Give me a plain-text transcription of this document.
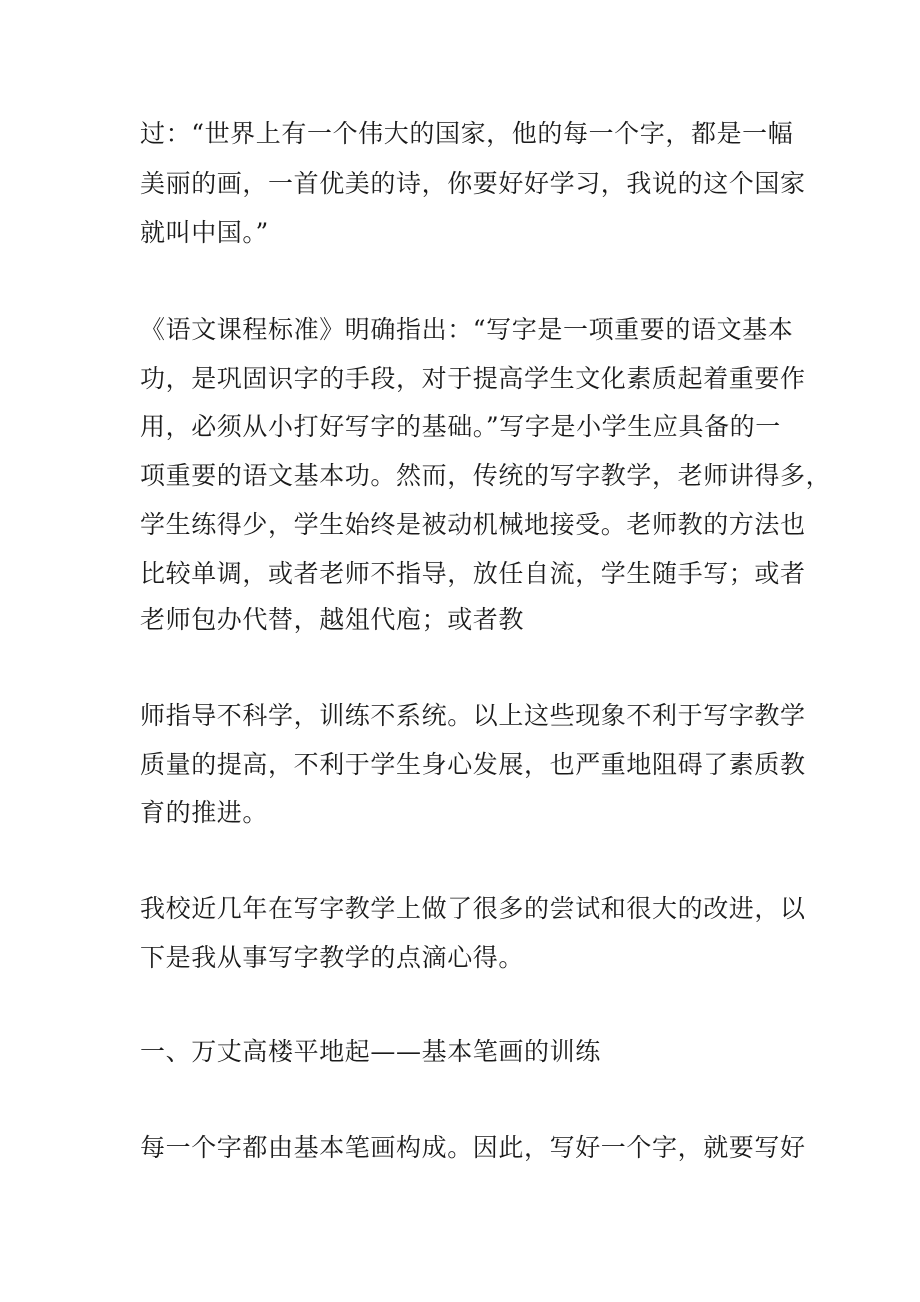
过：“世界上有一个伟大的国家，他的每一个字，都是一幅
美丽的画，一首优美的诗，你要好好学习，我说的这个国家
就叫中国。”
《语文课程标准》明确指出：“写字是一项重要的语文基本
功，是巩固识字的手段，对于提高学生文化素质起着重要作
用，必须从小打好写字的基础。”写字是小学生应具备的一
项重要的语文基本功。然而，传统的写字教学，老师讲得多，
学生练得少，学生始终是被动机械地接受。老师教的方法也
比较单调，或者老师不指导，放任自流，学生随手写；或者
老师包办代替，越俎代庖；或者教
师指导不科学，训练不系统。以上这些现象不利于写字教学
质量的提高，不利于学生身心发展，也严重地阻碍了素质教
育的推进。
我校近几年在写字教学上做了很多的尝试和很大的改进，以
下是我从事写字教学的点滴心得。
一、万丈高楼平地起——基本笔画的训练
每一个字都由基本笔画构成。因此，写好一个字，就要写好
